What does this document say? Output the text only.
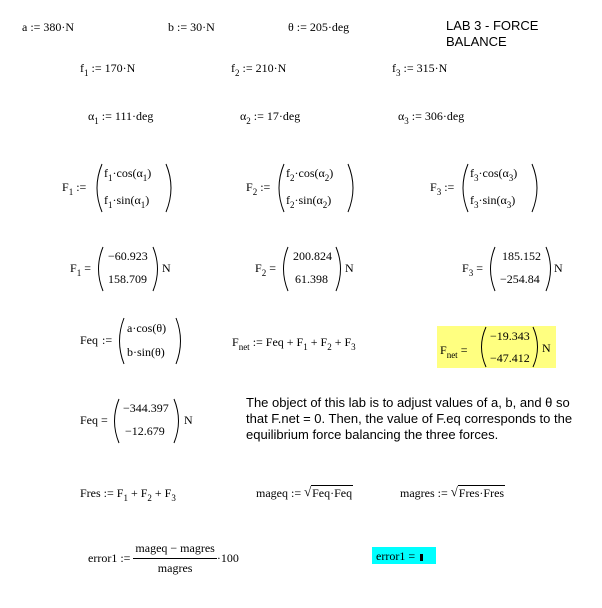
LAB 3 - FORCE
BALANCE
a := 380·N	b := 30·N	θ := 205·deg
$f_1$ := 170·N	$f_2$ := 210·N	$f_3$ := 315·N
$\alpha_1$ := 111·deg	$\alpha_2$ := 17·deg	$\alpha_3$ := 306·deg
$F_1$ :=
$f_1\cdot\cos(\alpha_1)$
$f_1\cdot\sin(\alpha_1)$
$F_2$ :=
$f_2\cdot\cos(\alpha_2)$
$f_2\cdot\sin(\alpha_2)$
$F_3$ :=
$f_3\cdot\cos(\alpha_3)$
$f_3\cdot\sin(\alpha_3)$
$F_1$ =
−60.923
158.709
N	$F_2$ =
200.824
61.398
N	$F_3$ =
185.152
−254.84
N
Feq :=
a·cos(θ)
b·sin(θ)
$F_{net}$ := Feq + $F_1 + F_2 + F_3$	$F_{net}$ =
−19.343
−47.412
N
Feq =
−344.397
−12.679
N
The object of this lab is to adjust values of a, b, and θ so
that F.net = 0. Then, the value of F.eq corresponds to the
equilibrium force balancing the three forces.
Fres := $F_1 + F_2 + F_3$	mageq := √ Feq·Feq	magres := √ Fres·Fres
error1 := $\frac{\text{mageq − magres}}{\text{magres}} \cdot 100$	error1 =
